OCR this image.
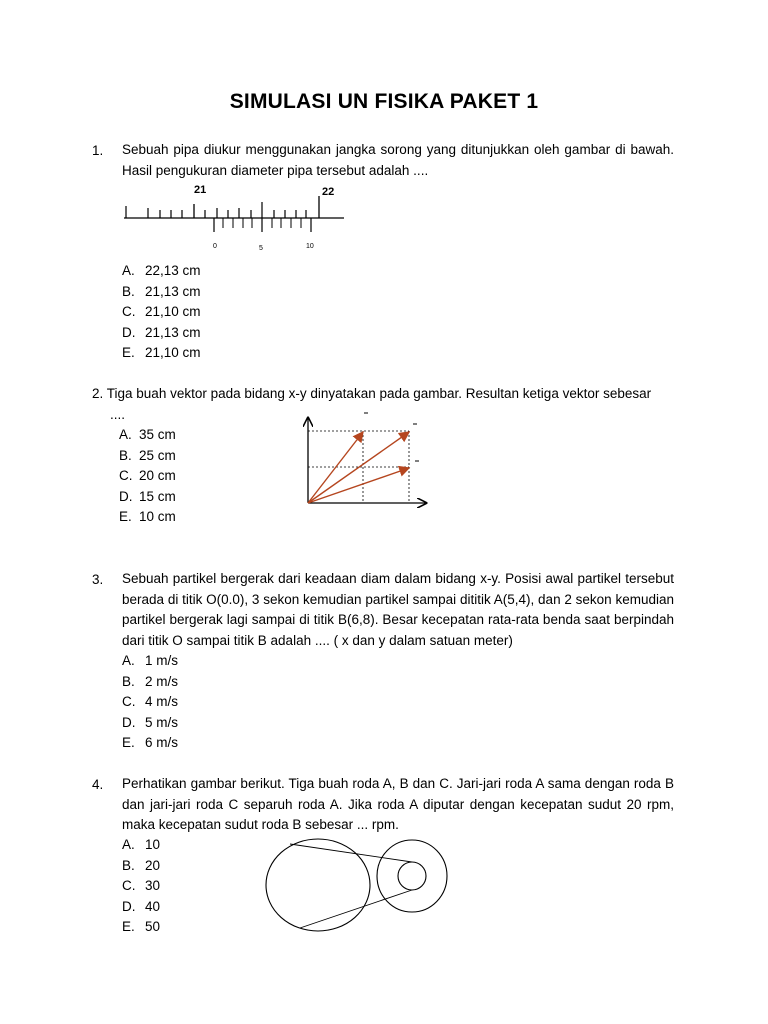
SIMULASI UN FISIKA PAKET 1
1. Sebuah pipa diukur menggunakan jangka sorong yang ditunjukkan oleh gambar di bawah. Hasil pengukuran diameter pipa tersebut adalah ....
21	22
0	5	10
A. 22,13 cm
B. 21,13 cm
C. 21,10 cm
D. 21,13 cm
E. 21,10 cm
2. Tiga buah vektor pada bidang x-y dinyatakan pada gambar. Resultan ketiga vektor sebesar
....
A. 35 cm
B. 25 cm
C. 20 cm
D. 15 cm
E. 10 cm
3. Sebuah partikel bergerak dari keadaan diam dalam bidang x-y. Posisi awal partikel tersebut berada di titik O(0.0), 3 sekon kemudian partikel sampai dititik A(5,4), dan 2 sekon kemudian partikel bergerak lagi sampai di titik B(6,8). Besar kecepatan rata-rata benda saat berpindah dari titik O sampai titik B adalah .... ( x dan y dalam satuan meter)
A. 1 m/s
B. 2 m/s
C. 4 m/s
D. 5 m/s
E. 6 m/s
4. Perhatikan gambar berikut. Tiga buah roda A, B dan C. Jari-jari roda A sama dengan roda B dan jari-jari roda C separuh roda A. Jika roda A diputar dengan kecepatan sudut 20 rpm, maka kecepatan sudut roda B sebesar ... rpm.
A. 10
B. 20
C. 30
D. 40
E. 50
